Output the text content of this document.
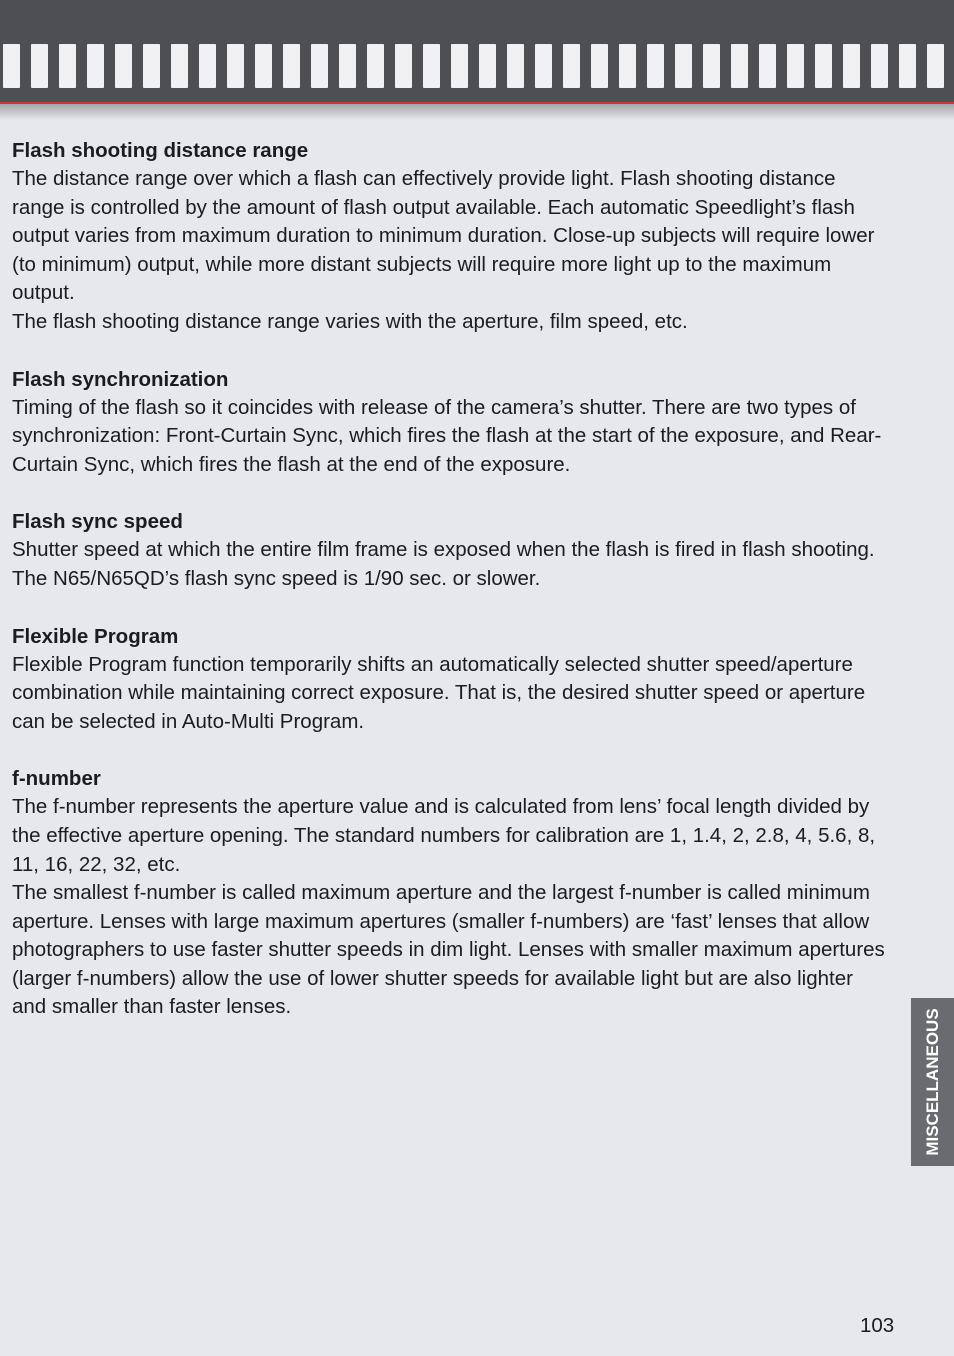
Flash shooting distance range

The distance range over which a flash can effectively provide light. Flash shooting distance range is controlled by the amount of flash output available. Each automatic Speedlight’s flash output varies from maximum duration to minimum duration. Close-up subjects will require lower (to minimum) output, while more distant subjects will require more light up to the maximum output.

The flash shooting distance range varies with the aperture, film speed, etc.

Flash synchronization

Timing of the flash so it coincides with release of the camera’s shutter. There are two types of synchronization: Front-Curtain Sync, which fires the flash at the start of the exposure, and Rear-Curtain Sync, which fires the flash at the end of the exposure.

Flash sync speed

Shutter speed at which the entire film frame is exposed when the flash is fired in flash shooting. The N65/N65QD’s flash sync speed is 1/90 sec. or slower.

Flexible Program

Flexible Program function temporarily shifts an automatically selected shutter speed/aperture combination while maintaining correct exposure. That is, the desired shutter speed or aperture can be selected in Auto-Multi Program.

f-number

The f-number represents the aperture value and is calculated from lens’ focal length divided by the effective aperture opening. The standard numbers for calibration are 1, 1.4, 2, 2.8, 4, 5.6, 8, 11, 16, 22, 32, etc.

The smallest f-number is called maximum aperture and the largest f-number is called minimum aperture. Lenses with large maximum apertures (smaller f-numbers) are ‘fast’ lenses that allow photographers to use faster shutter speeds in dim light. Lenses with smaller maximum apertures (larger f-numbers) allow the use of lower shutter speeds for available light but are also lighter and smaller than faster lenses.

MISCELLANEOUS
103
